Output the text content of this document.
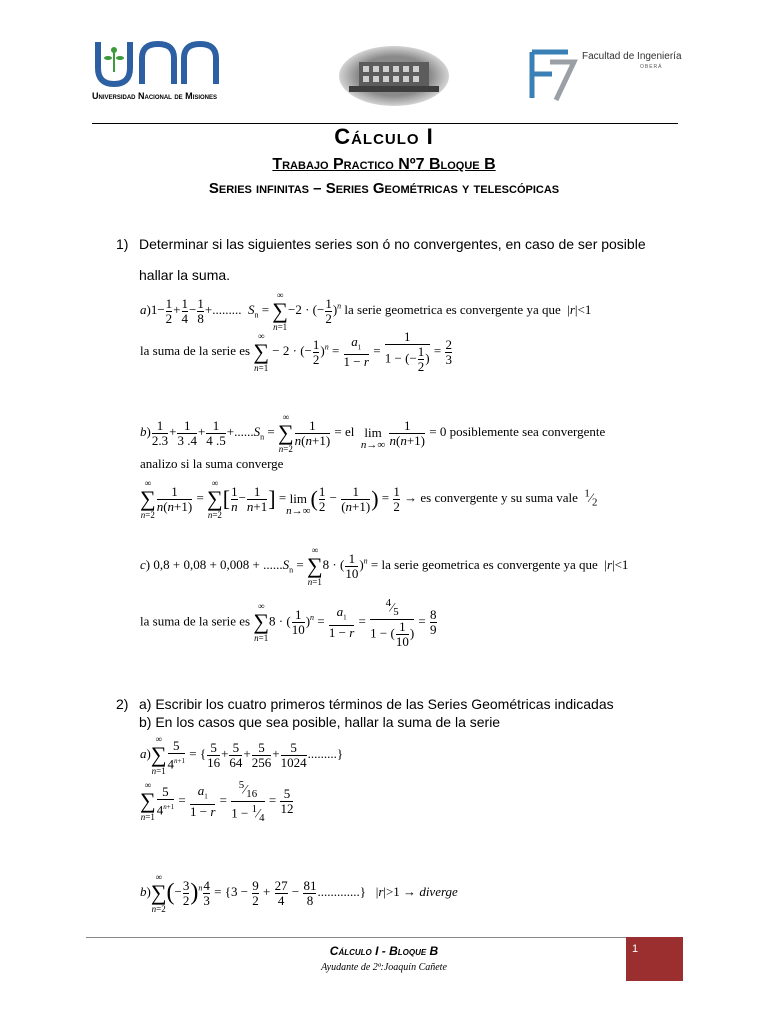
Universidad Nacional de Misiones
Facultad de Ingeniería
OBERÁ
Cálculo I
Trabajo Practico Nº7 Bloque B
Series infinitas – Series Geométricas y telescópicas
1) Determinar si las siguientes series son ó no convergentes, en caso de ser posible
hallar la suma.
$a)1- \frac{1}{2} + \frac{1}{4} - \frac{1}{8}$ +.........  $S_n$ = ∞
∑
n=1−2 · (− $\frac{1}{2} )^n$ la serie geometrica es convergente ya que  |r|<1
la suma de la serie es ∞
∑
n=1 − 2 · (− $\frac{1}{2} )^n = \frac{a_1}{1 - r} = \frac{1}{1 - (- \frac{1}{2} )} = \frac{2}{3}$
$b) \frac{1}{2.3} + \frac{1}{3 .4} + \frac{1}{4 .5} +......S_n$ = ∞
∑
n=2
$\frac{1}{n(n+1)}$ = el lim
$n\to\infty \frac{1}{n(n+1)} = 0$ posiblemente sea convergente
analizo si la suma converge
∞
∑
n=2
$\frac{1}{n(n+1)}$ = ∞
∑
$n=2[ \frac{1}{n} - \frac{1}{n+1}$ ] = lim
$n\to\infty( \frac{1}{2} - \frac{1}{(n+1)}$ ) = $\frac{1}{2}$ → es convergente y su suma vale $^1⁄_2$
c) $0,8 + 0,08 + 0,008 + ......S_n$ = ∞
∑
n=18 · ( $\frac{1}{10} )^n$ = la serie geometrica es convergente ya que  |r|<1
la suma de la serie es ∞
∑
n=18 · ( $\frac{1}{10} )^n = \frac{a_1}{1 - r} = \frac{^4⁄_5}{1 - ( \frac{1}{10} )} = \frac{8}{9}$
2) a) Escribir los cuatro primeros términos de las Series Geométricas indicadas
b) En los casos que sea posible, hallar la suma de la serie
a)∞
∑
$n=1 \frac{5}{4^{n+1}}$ = { $\frac{5}{16} + \frac{5}{64} + \frac{5}{256} + \frac{5}{1024}$ .........}
∞
∑
$n=1 \frac{5}{4^{n+1}} = \frac{a_1}{1 - r} = \frac{^5⁄_{16}}{1 - ^1⁄_4} = \frac{5}{12}$
b)∞
∑
$n=2(- \frac{3}{2} )^n \frac{4}{3} = \{3 - \frac{9}{2} + \frac{27}{4} - \frac{81}{8}$ .............}   |r|>1 → diverge
Cálculo I - Bloque B
Ayudante de 2ª:Joaquín Cañete
1
